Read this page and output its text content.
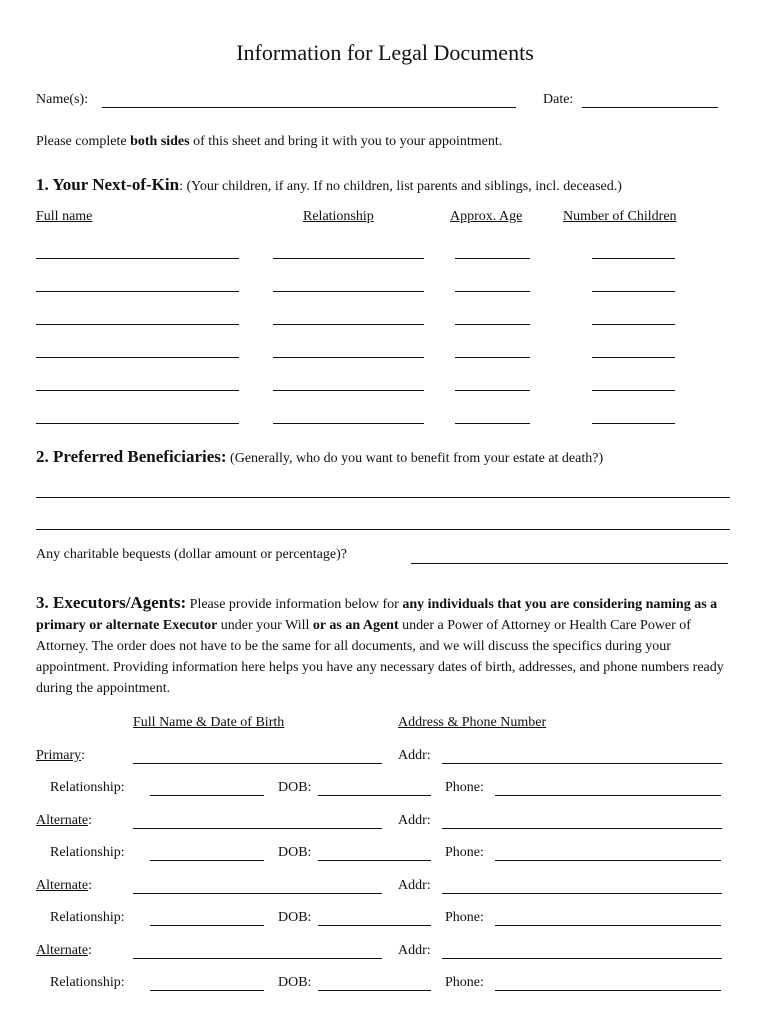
Information for Legal Documents
Name(s):	Date:
Please complete both sides of this sheet and bring it with you to your appointment.
1. Your Next-of-Kin: (Your children, if any. If no children, list parents and siblings, incl. deceased.)
Full name	Relationship	Approx. Age	Number of Children
2. Preferred Beneficiaries: (Generally, who do you want to benefit from your estate at death?)
Any charitable bequests (dollar amount or percentage)?
3. Executors/Agents: Please provide information below for any individuals that you are considering naming as a primary or alternate Executor under your Will or as an Agent under a Power of Attorney or Health Care Power of Attorney. The order does not have to be the same for all documents, and we will discuss the specifics during your appointment. Providing information here helps you have any necessary dates of birth, addresses, and phone numbers ready during the appointment.
Full Name & Date of Birth	Address & Phone Number
Primary:	Addr:
Relationship:	DOB:	Phone:
Alternate:	Addr:
Relationship:	DOB:	Phone:
Alternate:	Addr:
Relationship:	DOB:	Phone:
Alternate:	Addr:
Relationship:	DOB:	Phone:
